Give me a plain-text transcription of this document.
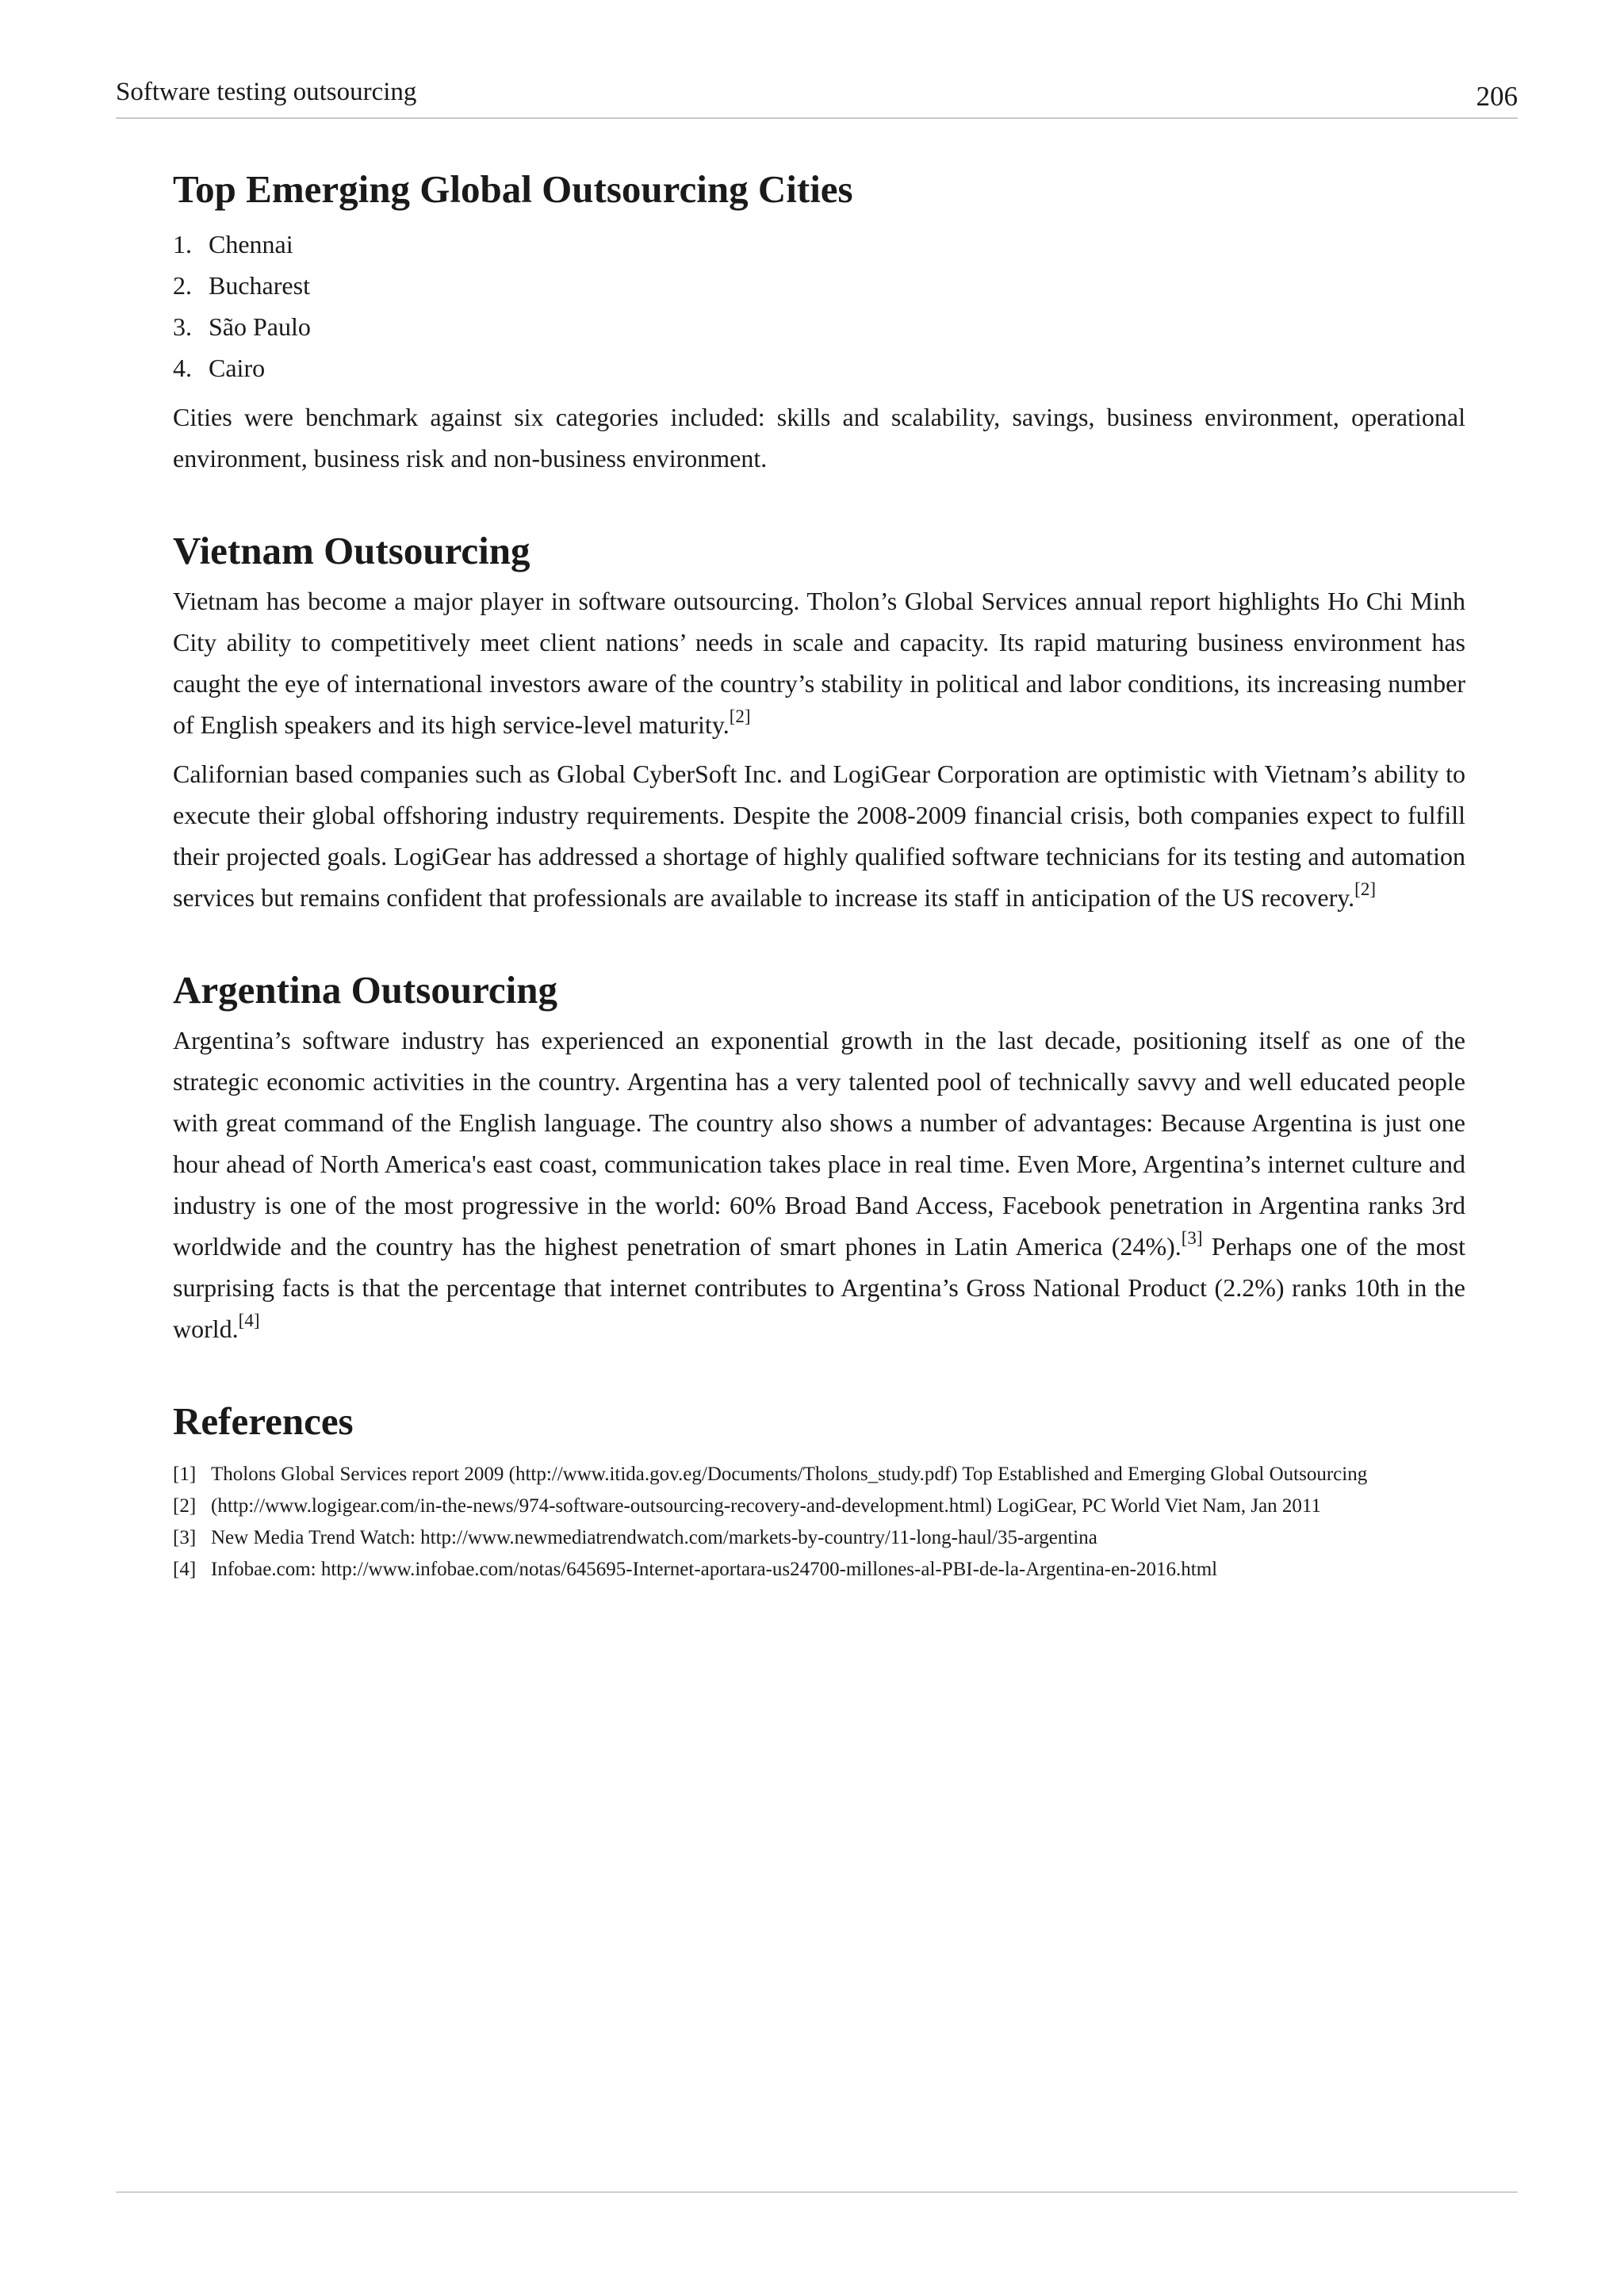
Software testing outsourcing	206
Top Emerging Global Outsourcing Cities
1. Chennai
2. Bucharest
3. São Paulo
4. Cairo

Cities were benchmark against six categories included: skills and scalability, savings, business environment, operational environment, business risk and non-business environment.

Vietnam Outsourcing

Vietnam has become a major player in software outsourcing. Tholon’s Global Services annual report highlights Ho Chi Minh City ability to competitively meet client nations’ needs in scale and capacity. Its rapid maturing business environment has caught the eye of international investors aware of the country’s stability in political and labor conditions, its increasing number of English speakers and its high service-level maturity.[2]

Californian based companies such as Global CyberSoft Inc. and LogiGear Corporation are optimistic with Vietnam’s ability to execute their global offshoring industry requirements. Despite the 2008-2009 financial crisis, both companies expect to fulfill their projected goals. LogiGear has addressed a shortage of highly qualified software technicians for its testing and automation services but remains confident that professionals are available to increase its staff in anticipation of the US recovery.[2]

Argentina Outsourcing

Argentina’s software industry has experienced an exponential growth in the last decade, positioning itself as one of the strategic economic activities in the country. Argentina has a very talented pool of technically savvy and well educated people with great command of the English language. The country also shows a number of advantages: Because Argentina is just one hour ahead of North America's east coast, communication takes place in real time. Even More, Argentina’s internet culture and industry is one of the most progressive in the world: 60% Broad Band Access, Facebook penetration in Argentina ranks 3rd worldwide and the country has the highest penetration of smart phones in Latin America (24%).[3] Perhaps one of the most surprising facts is that the percentage that internet contributes to Argentina’s Gross National Product (2.2%) ranks 10th in the world.[4]

References
[1] Tholons Global Services report 2009 (http://www.itida.gov.eg/Documents/Tholons_study.pdf) Top Established and Emerging Global Outsourcing
[2] (http://www.logigear.com/in-the-news/974-software-outsourcing-recovery-and-development.html) LogiGear, PC World Viet Nam, Jan 2011
[3] New Media Trend Watch: http://www.newmediatrendwatch.com/markets-by-country/11-long-haul/35-argentina
[4] Infobae.com: http://www.infobae.com/notas/645695-Internet-aportara-us24700-millones-al-PBI-de-la-Argentina-en-2016.html
